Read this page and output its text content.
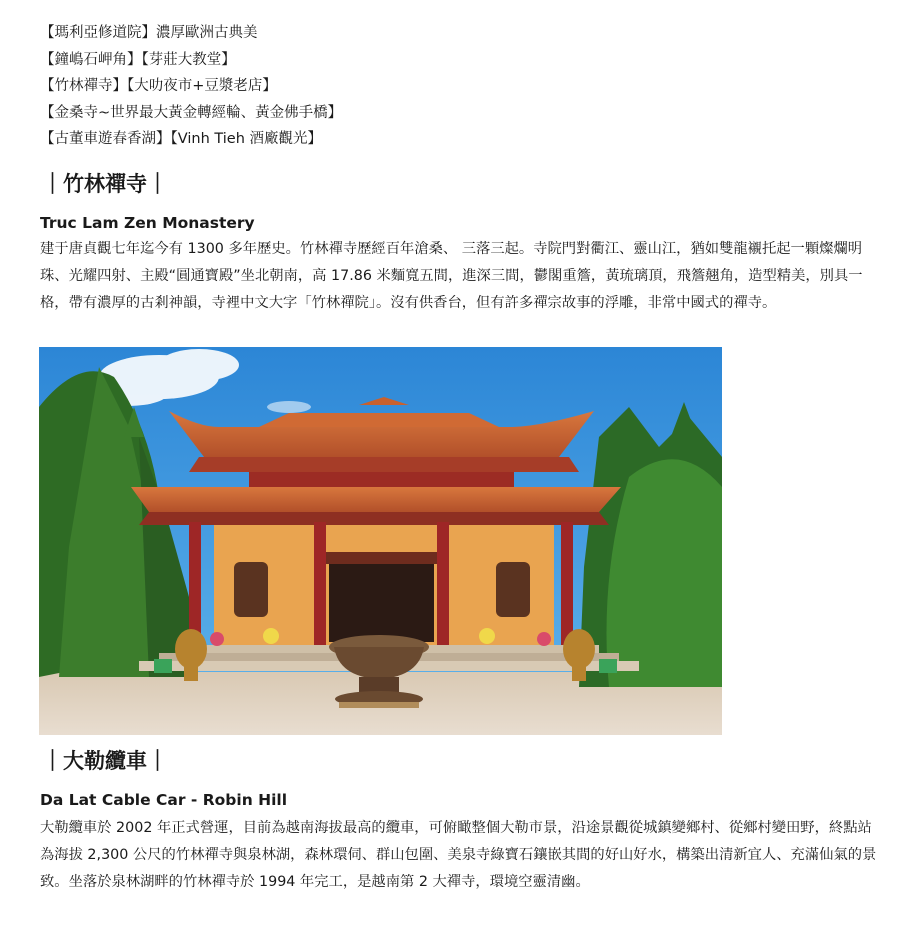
【瑪利亞修道院】濃厚歐洲古典美
【鐘嶋石岬角】【芽莊大教堂】
【竹林禪寺】【大叻夜市+豆漿老店】
【金桑寺~世界最大黃金轉經輪、黃金佛手橋】
【古董車遊春香湖】【Vinh Tieh 酒廠觀光】
｜竹林禪寺｜
Truc Lam Zen Monastery
建于唐貞觀七年迄今有 1300 多年歷史。竹林禪寺歷經百年滄桑、 三落三起。寺院門對衢江、靈山江，猶如雙龍襯托起一顆燦爛明珠、光耀四射、主殿“圓通寶殿”坐北朝南，高 17.86 米麵寬五間，進深三間，鬱閣重簷，黃琉璃頂，飛簷翹角，造型精美，別具一格，帶有濃厚的古剎神韻，寺裡中文大字「竹林禪院」。沒有供香台，但有許多禪宗故事的浮雕，非常中國式的禪寺。
｜大勒纜車｜
Da Lat Cable Car - Robin Hill
大勒纜車於 2002 年正式營運，目前為越南海拔最高的纜車，可俯瞰整個大勒市景，沿途景觀從城鎮變鄉村、從鄉村變田野，終點站為海拔 2,300 公尺的竹林禪寺與泉林湖，森林環伺、群山包圍、美泉寺綠寶石鑲嵌其間的好山好水，構築出清新宜人、充滿仙氣的景致。坐落於泉林湖畔的竹林禪寺於 1994 年完工，是越南第 2 大禪寺，環境空靈清幽。
